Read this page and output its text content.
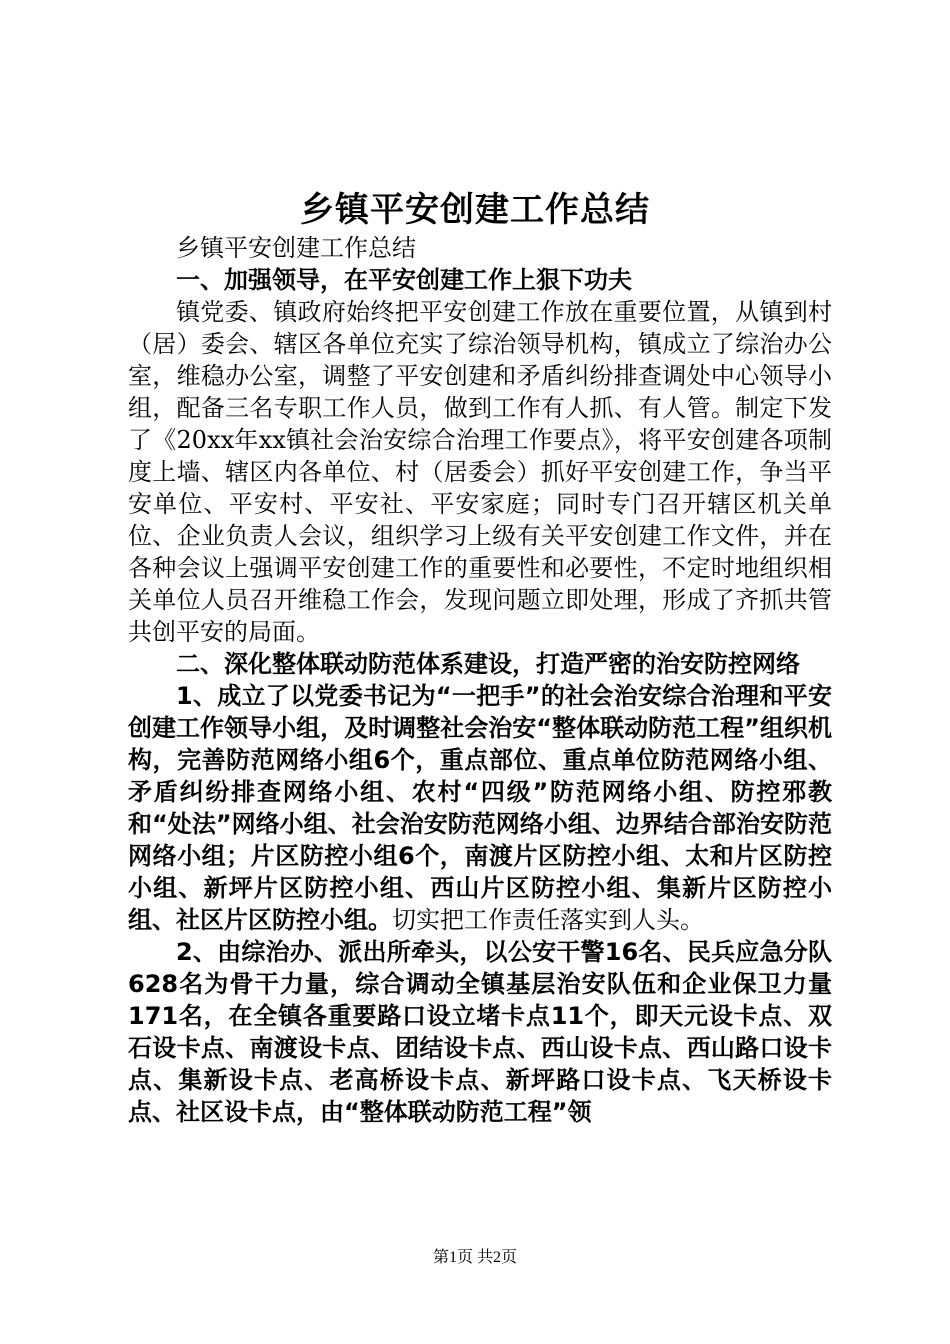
乡镇平安创建工作总结

乡镇平安创建工作总结

一、加强领导，在平安创建工作上狠下功夫

镇党委、镇政府始终把平安创建工作放在重要位置，从镇到村（居）委会、辖区各单位充实了综治领导机构，镇成立了综治办公室，维稳办公室，调整了平安创建和矛盾纠纷排查调处中心领导小组，配备三名专职工作人员，做到工作有人抓、有人管。制定下发了《20xx年xx镇社会治安综合治理工作要点》，将平安创建各项制度上墙、辖区内各单位、村（居委会）抓好平安创建工作，争当平安单位、平安村、平安社、平安家庭；同时专门召开辖区机关单位、企业负责人会议，组织学习上级有关平安创建工作文件，并在各种会议上强调平安创建工作的重要性和必要性，不定时地组织相关单位人员召开维稳工作会，发现问题立即处理，形成了齐抓共管共创平安的局面。

二、深化整体联动防范体系建设，打造严密的治安防控网络

1、成立了以党委书记为“一把手”的社会治安综合治理和平安创建工作领导小组，及时调整社会治安“整体联动防范工程”组织机构，完善防范网络小组6个，重点部位、重点单位防范网络小组、矛盾纠纷排查网络小组、农村“四级”防范网络小组、防控邪教和“处法”网络小组、社会治安防范网络小组、边界结合部治安防范网络小组；片区防控小组6个，南渡片区防控小组、太和片区防控小组、新坪片区防控小组、西山片区防控小组、集新片区防控小组、社区片区防控小组。切实把工作责任落实到人头。

2、由综治办、派出所牵头，以公安干警16名、民兵应急分队628名为骨干力量，综合调动全镇基层治安队伍和企业保卫力量171名，在全镇各重要路口设立堵卡点11个，即天元设卡点、双石设卡点、南渡设卡点、团结设卡点、西山设卡点、西山路口设卡点、集新设卡点、老高桥设卡点、新坪路口设卡点、飞天桥设卡点、社区设卡点，由“整体联动防范工程”领

第1页 共2页
